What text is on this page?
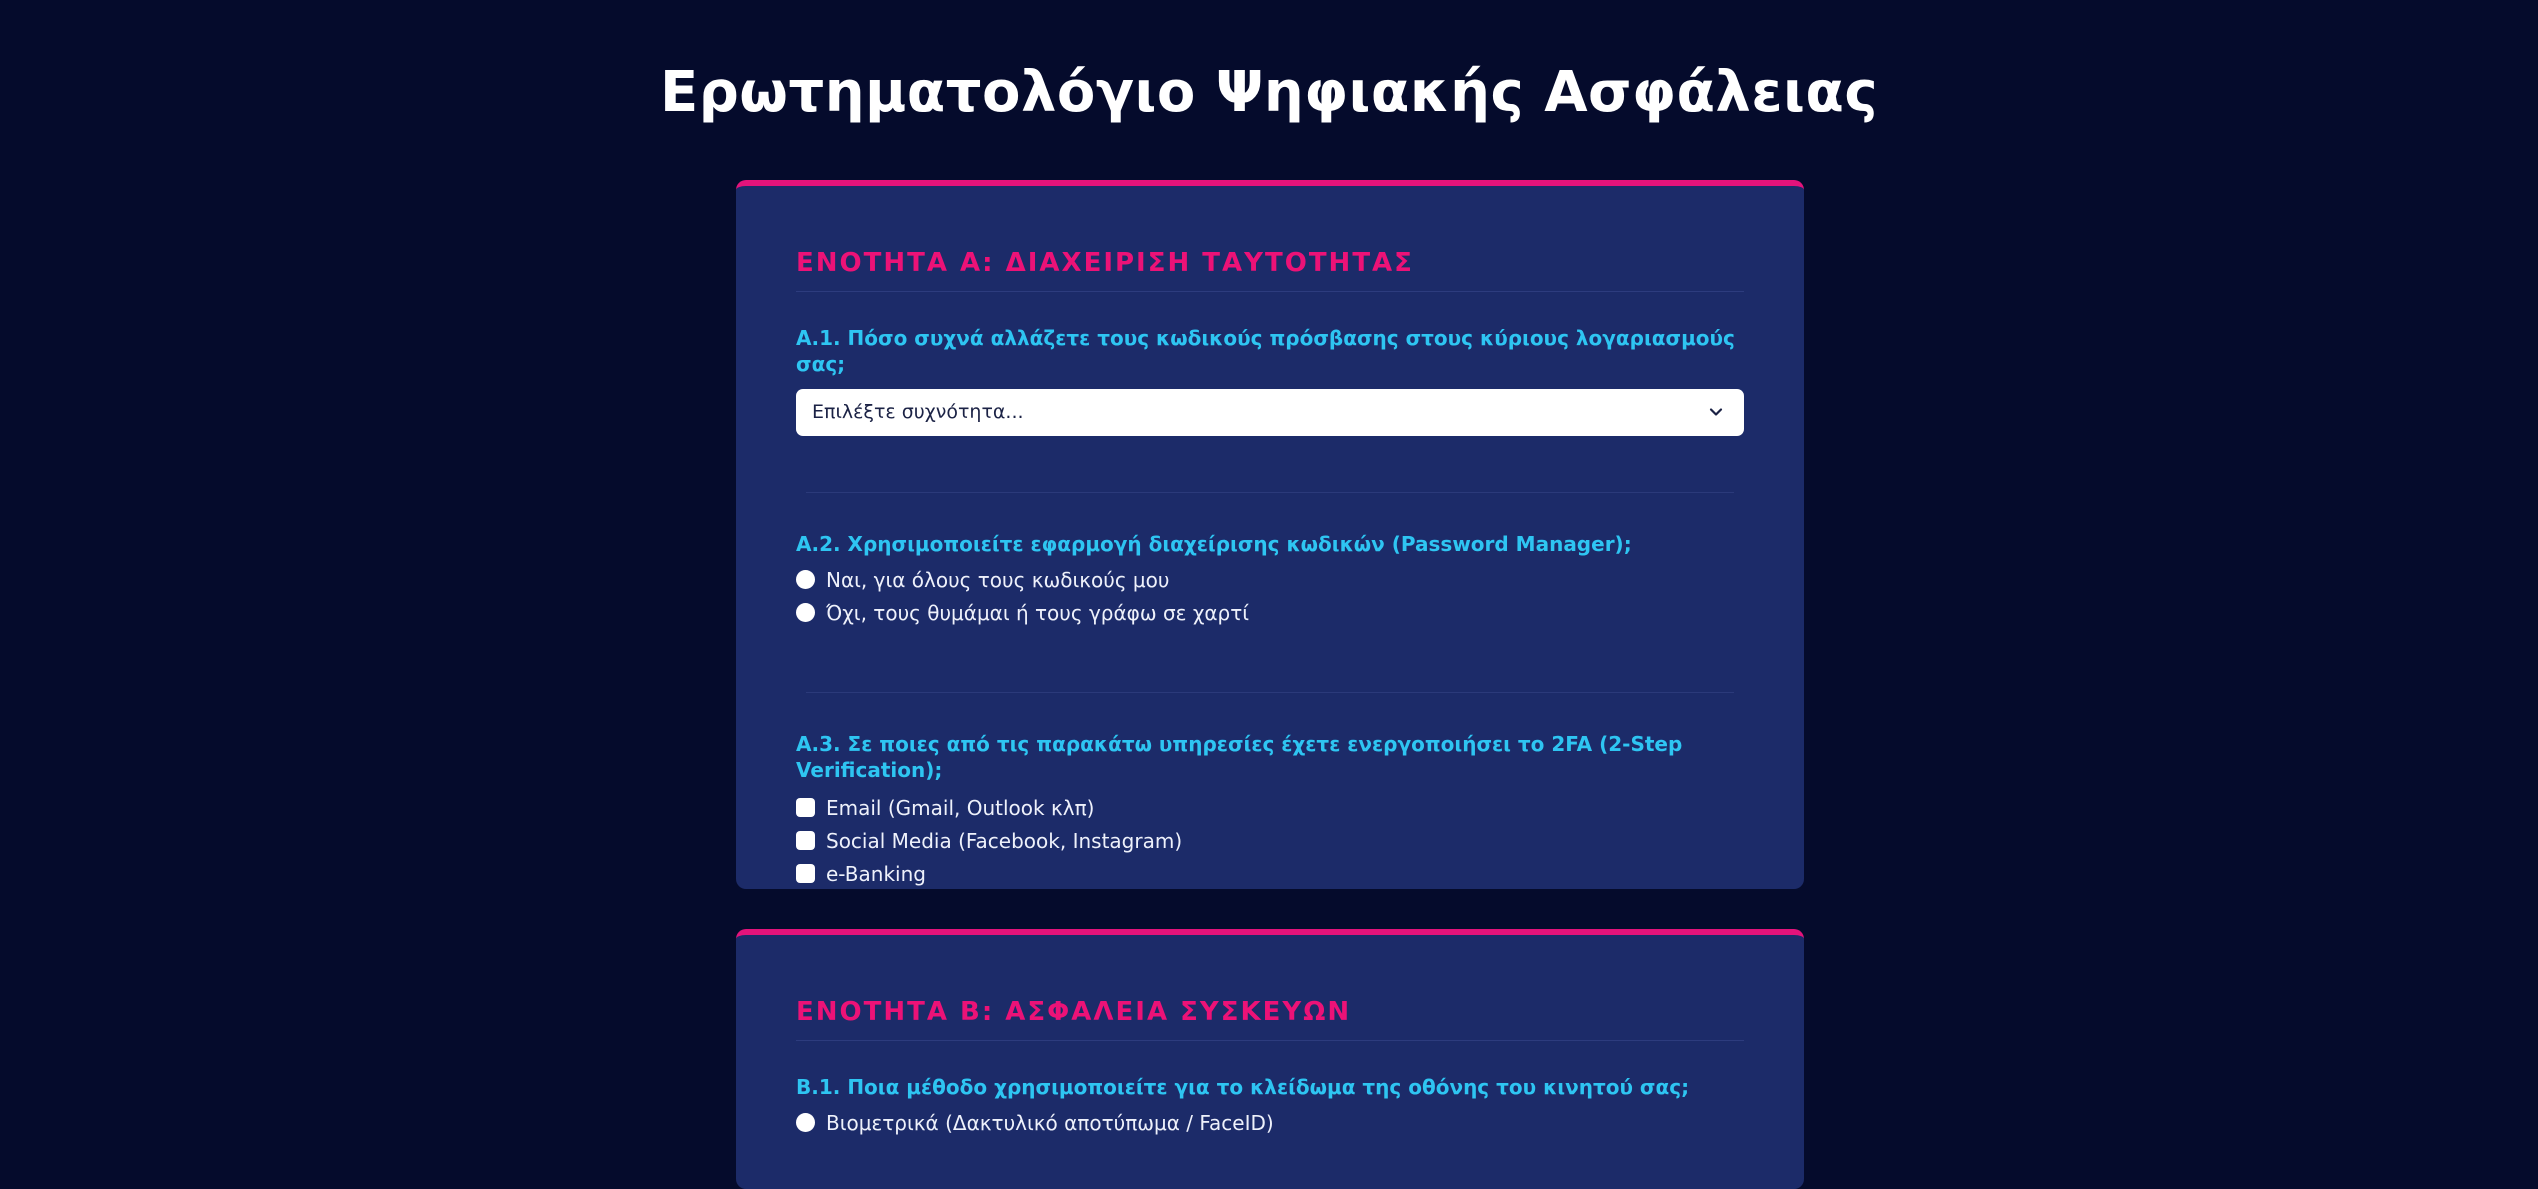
Ερωτηματολόγιο Ψηφιακής Ασφάλειας
ΕΝΟΤΗΤΑ Α: ΔΙΑΧΕΙΡΙΣΗ ΤΑΥΤΟΤΗΤΑΣ
Α.1. Πόσο συχνά αλλάζετε τους κωδικούς πρόσβασης στους κύριους λογαριασμούς σας;
Επιλέξτε συχνότητα...
Α.2. Χρησιμοποιείτε εφαρμογή διαχείρισης κωδικών (Password Manager);
Ναι, για όλους τους κωδικούς μου
Όχι, τους θυμάμαι ή τους γράφω σε χαρτί
Α.3. Σε ποιες από τις παρακάτω υπηρεσίες έχετε ενεργοποιήσει το 2FA (2-Step Verification);
Email (Gmail, Outlook κλπ)
Social Media (Facebook, Instagram)
e-Banking
ΕΝΟΤΗΤΑ Β: ΑΣΦΑΛΕΙΑ ΣΥΣΚΕΥΩΝ
Β.1. Ποια μέθοδο χρησιμοποιείτε για το κλείδωμα της οθόνης του κινητού σας;
Βιομετρικά (Δακτυλικό αποτύπωμα / FaceID)
